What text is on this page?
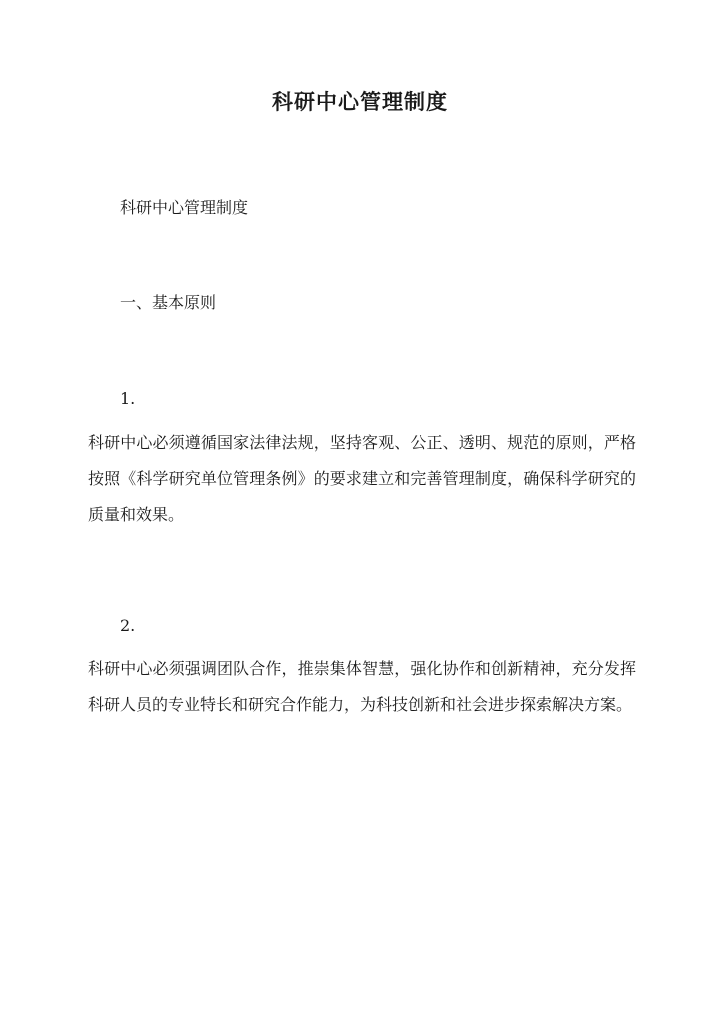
科研中心管理制度
科研中心管理制度
一、基本原则
1.
科研中心必须遵循国家法律法规，坚持客观、公正、透明、规范的原则，严格按照《科学研究单位管理条例》的要求建立和完善管理制度，确保科学研究的质量和效果。
2.
科研中心必须强调团队合作，推崇集体智慧，强化协作和创新精神，充分发挥科研人员的专业特长和研究合作能力，为科技创新和社会进步探索解决方案。
